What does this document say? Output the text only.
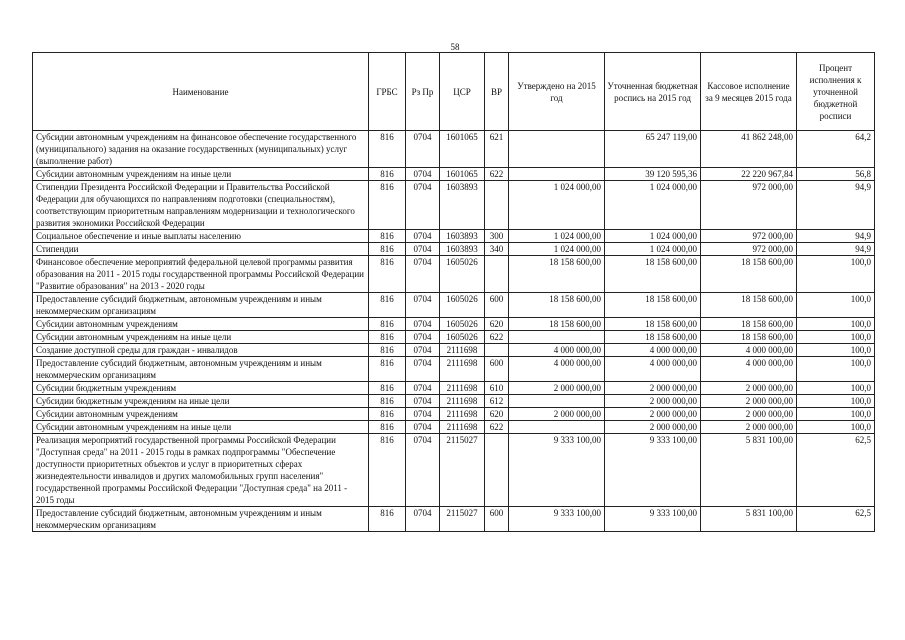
58
Наименование	ГРБС	Рз Пр	ЦСР	ВР	Утверждено на 2015 год	Уточненная бюджетная роспись на 2015 год	Кассовое исполнение за 9 месяцев 2015 года	Процент исполнения к уточненной бюджетной росписи
Субсидии автономным учреждениям на финансовое обеспечение государственного (муниципального) задания на оказание государственных (муниципальных) услуг (выполнение работ)	816	0704	1601065	621		65 247 119,00	41 862 248,00	64,2
Субсидии автономным учреждениям на иные цели	816	0704	1601065	622		39 120 595,36	22 220 967,84	56,8
Стипендии Президента Российской Федерации и Правительства Российской Федерации для обучающихся по направлениям подготовки (специальностям), соответствующим приоритетным направлениям модернизации и технологического развития экономики Российской Федерации	816	0704	1603893		1 024 000,00	1 024 000,00	972 000,00	94,9
Социальное обеспечение и иные выплаты населению	816	0704	1603893	300	1 024 000,00	1 024 000,00	972 000,00	94,9
Стипендии	816	0704	1603893	340	1 024 000,00	1 024 000,00	972 000,00	94,9
Финансовое обеспечение мероприятий федеральной целевой программы развития образования на 2011 - 2015 годы государственной программы Российской Федерации "Развитие образования" на 2013 - 2020 годы	816	0704	1605026		18 158 600,00	18 158 600,00	18 158 600,00	100,0
Предоставление субсидий бюджетным, автономным учреждениям и иным некоммерческим организациям	816	0704	1605026	600	18 158 600,00	18 158 600,00	18 158 600,00	100,0
Субсидии автономным учреждениям	816	0704	1605026	620	18 158 600,00	18 158 600,00	18 158 600,00	100,0
Субсидии автономным учреждениям на иные цели	816	0704	1605026	622		18 158 600,00	18 158 600,00	100,0
Создание доступной среды для граждан - инвалидов	816	0704	2111698		4 000 000,00	4 000 000,00	4 000 000,00	100,0
Предоставление субсидий бюджетным, автономным учреждениям и иным некоммерческим организациям	816	0704	2111698	600	4 000 000,00	4 000 000,00	4 000 000,00	100,0
Субсидии бюджетным учреждениям	816	0704	2111698	610	2 000 000,00	2 000 000,00	2 000 000,00	100,0
Субсидии бюджетным учреждениям на иные цели	816	0704	2111698	612		2 000 000,00	2 000 000,00	100,0
Субсидии автономным учреждениям	816	0704	2111698	620	2 000 000,00	2 000 000,00	2 000 000,00	100,0
Субсидии автономным учреждениям на иные цели	816	0704	2111698	622		2 000 000,00	2 000 000,00	100,0
Реализация мероприятий государственной программы Российской Федерации "Доступная среда" на 2011 - 2015 годы в рамках подпрограммы "Обеспечение доступности приоритетных объектов и услуг в приоритетных сферах жизнедеятельности инвалидов и других маломобильных групп населения" государственной программы Российской Федерации "Доступная среда" на 2011 - 2015 годы	816	0704	2115027		9 333 100,00	9 333 100,00	5 831 100,00	62,5
Предоставление субсидий бюджетным, автономным учреждениям и иным некоммерческим организациям	816	0704	2115027	600	9 333 100,00	9 333 100,00	5 831 100,00	62,5
